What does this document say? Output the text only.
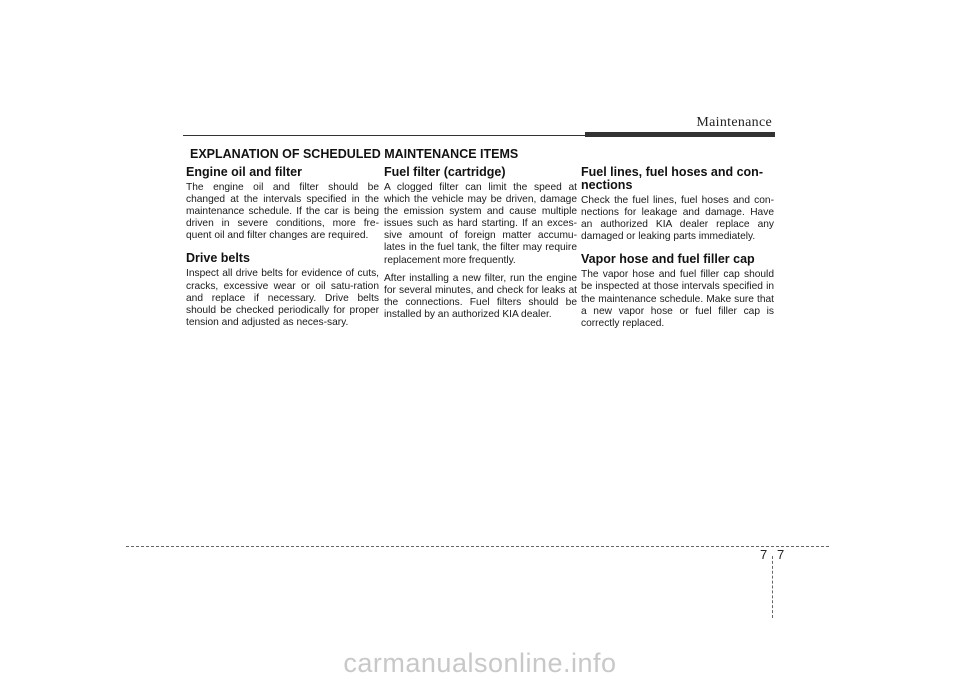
Maintenance
EXPLANATION OF SCHEDULED MAINTENANCE ITEMS
Engine oil and filter

The engine oil and filter should be changed at the intervals specified in the maintenance schedule. If the car is being driven in severe conditions, more fre-quent oil and filter changes are required.

Drive belts

Inspect all drive belts for evidence of cuts, cracks, excessive wear or oil satu-ration and replace if necessary. Drive belts should be checked periodically for proper tension and adjusted as neces-sary.

Fuel filter (cartridge)

A clogged filter can limit the speed at which the vehicle may be driven, damage the emission system and cause multiple issues such as hard starting. If an exces-sive amount of foreign matter accumu-lates in the fuel tank, the filter may require replacement more frequently.

After installing a new filter, run the engine for several minutes, and check for leaks at the connections. Fuel filters should be installed by an authorized KIA dealer.

Fuel lines, fuel hoses and con-nections

Check the fuel lines, fuel hoses and con-nections for leakage and damage. Have an authorized KIA dealer replace any damaged or leaking parts immediately.

Vapor hose and fuel filler cap

The vapor hose and fuel filler cap should be inspected at those intervals specified in the maintenance schedule. Make sure that a new vapor hose or fuel filler cap is correctly replaced.

7 7
carmanualsonline.info
